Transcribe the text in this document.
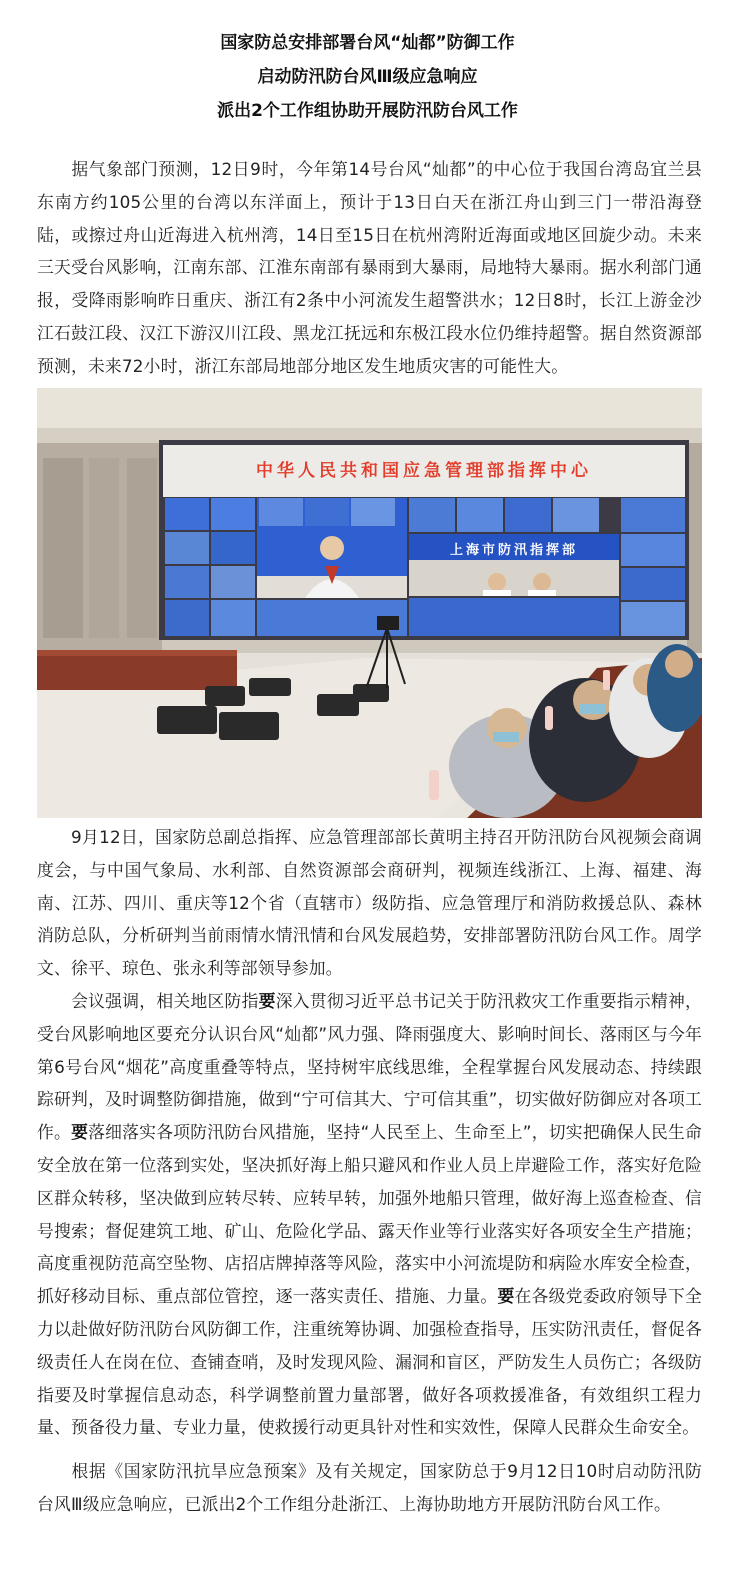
国家防总安排部署台风“灿都”防御工作
启动防汛防台风Ⅲ级应急响应
派出2个工作组协助开展防汛防台风工作

据气象部门预测，12日9时，今年第14号台风“灿都”的中心位于我国台湾岛宜兰县东南方约105公里的台湾以东洋面上，预计于13日白天在浙江舟山到三门一带沿海登陆，或擦过舟山近海进入杭州湾，14日至15日在杭州湾附近海面或地区回旋少动。未来三天受台风影响，江南东部、江淮东南部有暴雨到大暴雨，局地特大暴雨。据水利部门通报，受降雨影响昨日重庆、浙江有2条中小河流发生超警洪水；12日8时，长江上游金沙江石鼓江段、汉江下游汉川江段、黑龙江抚远和东极江段水位仍维持超警。据自然资源部预测，未来72小时，浙江东部局地部分地区发生地质灾害的可能性大。

中华人民共和国应急管理部指挥中心
上海市防汛指挥部

9月12日，国家防总副总指挥、应急管理部部长黄明主持召开防汛防台风视频会商调度会，与中国气象局、水利部、自然资源部会商研判，视频连线浙江、上海、福建、海南、江苏、四川、重庆等12个省（直辖市）级防指、应急管理厅和消防救援总队、森林消防总队，分析研判当前雨情水情汛情和台风发展趋势，安排部署防汛防台风工作。周学文、徐平、琼色、张永利等部领导参加。

会议强调，相关地区防指要深入贯彻习近平总书记关于防汛救灾工作重要指示精神，受台风影响地区要充分认识台风“灿都”风力强、降雨强度大、影响时间长、落雨区与今年第6号台风“烟花”高度重叠等特点，坚持树牢底线思维，全程掌握台风发展动态、持续跟踪研判，及时调整防御措施，做到“宁可信其大、宁可信其重”，切实做好防御应对各项工作。要落细落实各项防汛防台风措施，坚持“人民至上、生命至上”，切实把确保人民生命安全放在第一位落到实处，坚决抓好海上船只避风和作业人员上岸避险工作，落实好危险区群众转移，坚决做到应转尽转、应转早转，加强外地船只管理，做好海上巡查检查、信号搜索；督促建筑工地、矿山、危险化学品、露天作业等行业落实好各项安全生产措施；高度重视防范高空坠物、店招店牌掉落等风险，落实中小河流堤防和病险水库安全检查，抓好移动目标、重点部位管控，逐一落实责任、措施、力量。要在各级党委政府领导下全力以赴做好防汛防台风防御工作，注重统筹协调、加强检查指导，压实防汛责任，督促各级责任人在岗在位、查铺查哨，及时发现风险、漏洞和盲区，严防发生人员伤亡；各级防指要及时掌握信息动态，科学调整前置力量部署，做好各项救援准备，有效组织工程力量、预备役力量、专业力量，使救援行动更具针对性和实效性，保障人民群众生命安全。

根据《国家防汛抗旱应急预案》及有关规定，国家防总于9月12日10时启动防汛防台风Ⅲ级应急响应，已派出2个工作组分赴浙江、上海协助地方开展防汛防台风工作。
